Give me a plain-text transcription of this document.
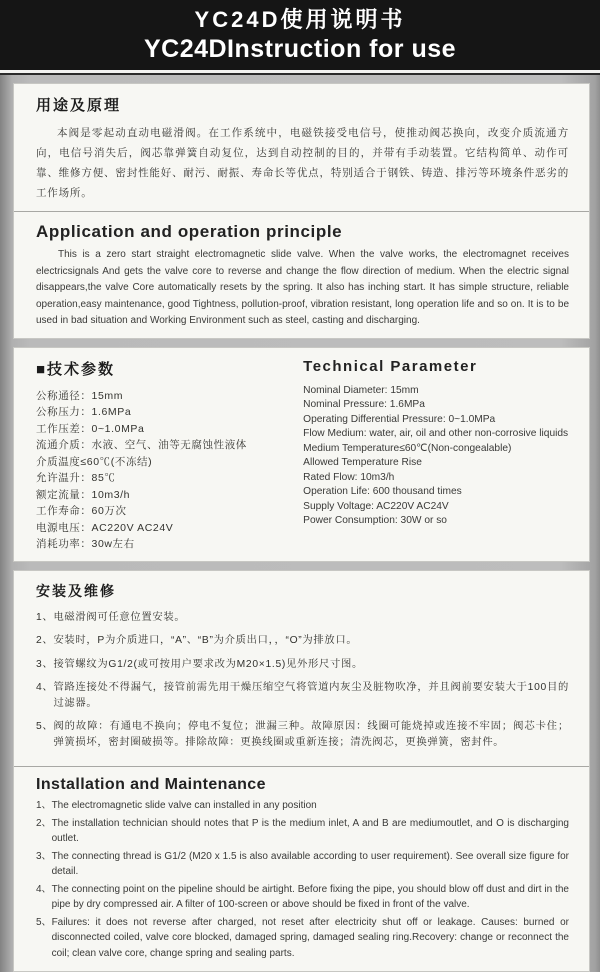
YC24D使用说明书
YC24DInstruction for use
用途及原理

本阀是零起动直动电磁滑阀。在工作系统中，电磁铁接受电信号，使推动阀芯换向，改变介质流通方向，电信号消失后，阀芯靠弹簧自动复位，达到自动控制的目的，并带有手动装置。它结构简单、动作可靠、维修方便、密封性能好、耐污、耐振、寿命长等优点，特别适合于钢铁、铸造、排污等环境条件恶劣的工作场所。

Application and operation principle

This is a zero start straight electromagnetic slide valve. When the valve works, the electromagnet receives electricsignals And gets the valve core to reverse and change the flow direction of medium. When the electric signal disappears,the valve Core automatically resets by the spring. It also has inching start. It has simple structure, reliable operation,easy maintenance, good Tightness, pollution-proof, vibration resistant, long operation life and so on. It is to be used in bad situation and Working Environment such as steel, casting and discharging.

■技术参数
公称通径：15mm
公称压力：1.6MPa
工作压差：0~1.0MPa
流通介质：水液、空气、油等无腐蚀性液体
介质温度≤60℃(不冻结)
允许温升：85℃
额定流量：10m3/h
工作寿命：60万次
电源电压：AC220V AC24V
消耗功率：30w左右
Technical Parameter
Nominal Diameter: 15mm
Nominal Pressure: 1.6MPa
Operating Differential Pressure: 0~1.0MPa
Flow Medium: water, air, oil and other non-corrosive liquids
Medium Temperature≤60℃(Non-congealable)
Allowed Temperature Rise
Rated Flow: 10m3/h
Operation Life: 600 thousand times
Supply Voltage: AC220V AC24V
Power Consumption: 30W or so
安装及维修
1、 电磁滑阀可任意位置安装。
2、 安装时，P为介质进口，“A”、“B”为介质出口，，“O”为排放口。
3、 接管螺纹为G1/2(或可按用户要求改为M20×1.5)见外形尺寸图。
4、 管路连接处不得漏气，接管前需先用干燥压缩空气将管道内灰尘及脏物吹净，并且阀前要安装大于100目的过滤器。
5、 阀的故障：有通电不换向；停电不复位；泄漏三种。故障原因：线圈可能烧掉或连接不牢固；阀芯卡住；弹簧损坏，密封圈破损等。排除故障：更换线圈或重新连接；清洗阀芯，更换弹簧，密封件。
Installation and Maintenance
1、 The electromagnetic slide valve can installed in any position
2、 The installation technician should notes that P is the medium inlet, A and B are mediumoutlet, and O is discharging outlet.
3、 The connecting thread is G1/2 (M20 x 1.5 is also available according to user requirement). See overall size figure for detail.
4、 The connecting point on the pipeline should be airtight. Before fixing the pipe, you should blow off dust and dirt in the pipe by dry compressed air. A filter of 100-screen or above should be fixed in front of the valve.
5、 Failures: it does not reverse after charged, not reset after electricity shut off or leakage. Causes: burned or disconnected coiled, valve core blocked, damaged spring, damaged sealing ring.Recovery: change or reconnect the coil; clean valve core, change spring and sealing parts.
